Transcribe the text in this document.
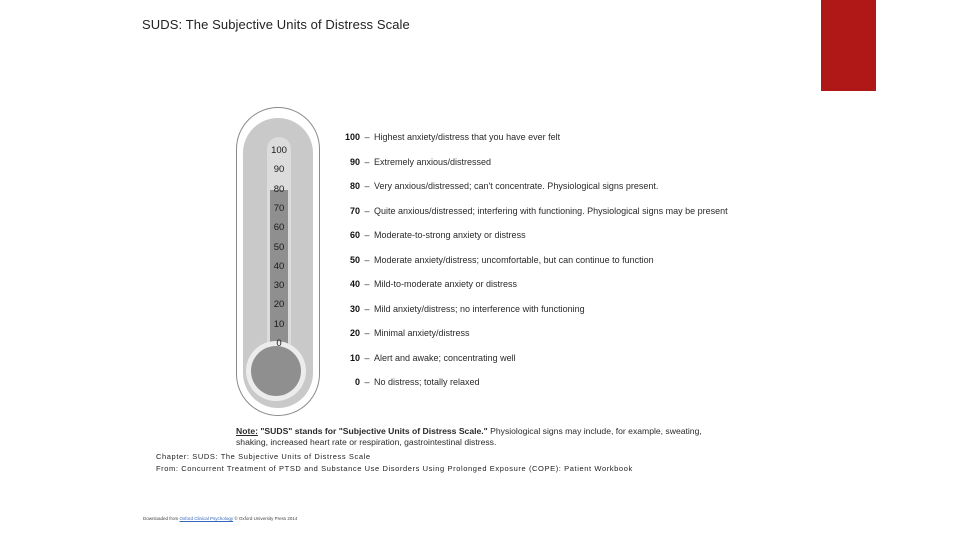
SUDS: The Subjective Units of Distress Scale
100
90
80
70
60
50
40
30
20
10
0
100 – Highest anxiety/distress that you have ever felt
90 – Extremely anxious/distressed
80 – Very anxious/distressed; can't concentrate. Physiological signs present.
70 – Quite anxious/distressed; interfering with functioning. Physiological signs may be present
60 – Moderate-to-strong anxiety or distress
50 – Moderate anxiety/distress; uncomfortable, but can continue to function
40 – Mild-to-moderate anxiety or distress
30 – Mild anxiety/distress; no interference with functioning
20 – Minimal anxiety/distress
10 – Alert and awake; concentrating well
0 – No distress; totally relaxed
Note: "SUDS" stands for "Subjective Units of Distress Scale." Physiological signs may include, for example, sweating, shaking, increased heart rate or respiration, gastrointestinal distress.
Chapter: SUDS: The Subjective Units of Distress Scale
From: Concurrent Treatment of PTSD and Substance Use Disorders Using Prolonged Exposure (COPE): Patient Workbook
Downloaded from Oxford Clinical Psychology © Oxford University Press 2014
